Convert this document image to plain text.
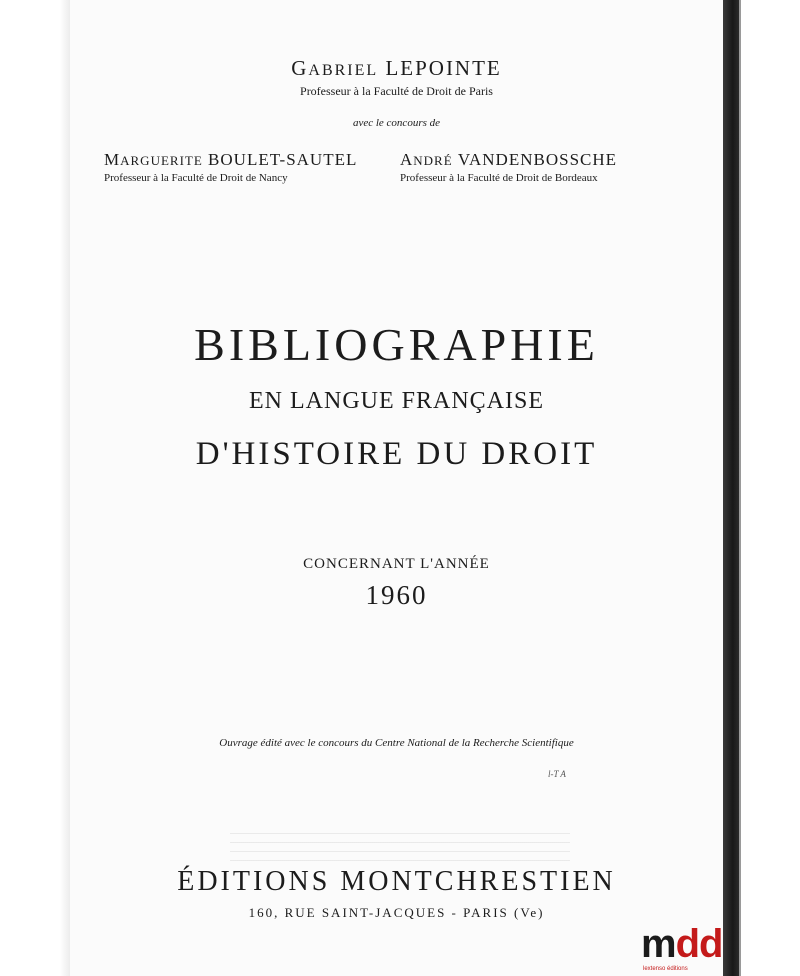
GABRIEL LEPOINTE
Professeur à la Faculté de Droit de Paris
avec le concours de
MARGUERITE BOULET-SAUTEL
Professeur à la Faculté de Droit de Nancy
ANDRÉ VANDENBOSSCHE
Professeur à la Faculté de Droit de Bordeaux
BIBLIOGRAPHIE
EN LANGUE FRANÇAISE
D'HISTOIRE DU DROIT
CONCERNANT L'ANNÉE
1960
Ouvrage édité avec le concours du Centre National de la Recherche Scientifique
l-T A
ÉDITIONS MONTCHRESTIEN
160, RUE SAINT-JACQUES - PARIS (Ve)
mdd
lextenso éditions
